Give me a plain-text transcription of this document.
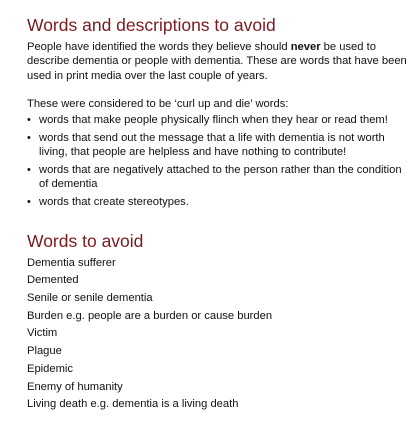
Words and descriptions to avoid

People have identified the words they believe should never be used to describe dementia or people with dementia. These are words that have been used in print media over the last couple of years.

These were considered to be ‘curl up and die’ words:

• words that make people physically flinch when they hear or read them!
• words that send out the message that a life with dementia is not worth living, that people are helpless and have nothing to contribute!
• words that are negatively attached to the person rather than the condition of dementia
• words that create stereotypes.
Words to avoid
Dementia sufferer
Demented
Senile or senile dementia
Burden e.g. people are a burden or cause burden
Victim
Plague
Epidemic
Enemy of humanity
Living death e.g. dementia is a living death
